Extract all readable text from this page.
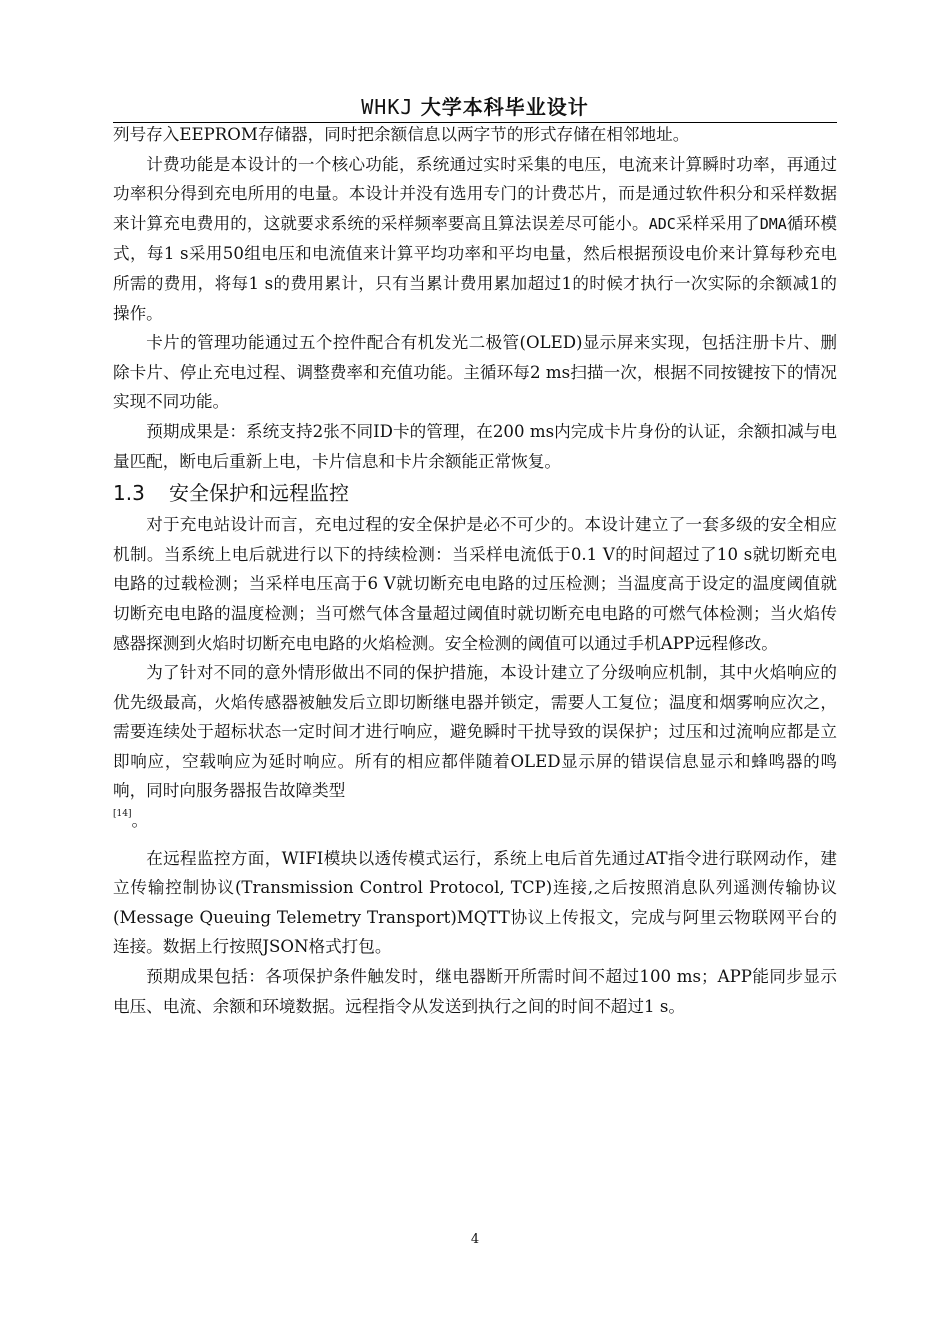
WHKJ 大学本科毕业设计

列号存入EEPROM存储器，同时把余额信息以两字节的形式存储在相邻地址。

计费功能是本设计的一个核心功能，系统通过实时采集的电压，电流来计算瞬时功率，再通过功率积分得到充电所用的电量。本设计并没有选用专门的计费芯片，而是通过软件积分和采样数据来计算充电费用的，这就要求系统的采样频率要高且算法误差尽可能小。ADC采样采用了DMA循环模式，每1 s采用50组电压和电流值来计算平均功率和平均电量，然后根据预设电价来计算每秒充电所需的费用，将每1 s的费用累计，只有当累计费用累加超过1的时候才执行一次实际的余额减1的操作。

卡片的管理功能通过五个控件配合有机发光二极管(OLED)显示屏来实现，包括注册卡片、删除卡片、停止充电过程、调整费率和充值功能。主循环每2 ms扫描一次，根据不同按键按下的情况实现不同功能。

预期成果是：系统支持2张不同ID卡的管理，在200 ms内完成卡片身份的认证，余额扣减与电量匹配，断电后重新上电，卡片信息和卡片余额能正常恢复。

1.3 安全保护和远程监控

对于充电站设计而言，充电过程的安全保护是必不可少的。本设计建立了一套多级的安全相应机制。当系统上电后就进行以下的持续检测：当采样电流低于0.1 V的时间超过了10 s就切断充电电路的过载检测；当采样电压高于6 V就切断充电电路的过压检测；当温度高于设定的温度阈值就切断充电电路的温度检测；当可燃气体含量超过阈值时就切断充电电路的可燃气体检测；当火焰传感器探测到火焰时切断充电电路的火焰检测。安全检测的阈值可以通过手机APP远程修改。

为了针对不同的意外情形做出不同的保护措施，本设计建立了分级响应机制，其中火焰响应的优先级最高，火焰传感器被触发后立即切断继电器并锁定，需要人工复位；温度和烟雾响应次之，需要连续处于超标状态一定时间才进行响应，避免瞬时干扰导致的误保护；过压和过流响应都是立即响应，空载响应为延时响应。所有的相应都伴随着OLED显示屏的错误信息显示和蜂鸣器的鸣响，同时向服务器报告故障类型
[14]。

在远程监控方面，WIFI模块以透传模式运行，系统上电后首先通过AT指令进行联网动作，建立传输控制协议(Transmission Control Protocol, TCP)连接,之后按照消息队列遥测传输协议(Message Queuing Telemetry Transport)MQTT协议上传报文，完成与阿里云物联网平台的连接。数据上行按照JSON格式打包。

预期成果包括：各项保护条件触发时，继电器断开所需时间不超过100 ms；APP能同步显示电压、电流、余额和环境数据。远程指令从发送到执行之间的时间不超过1 s。

4
